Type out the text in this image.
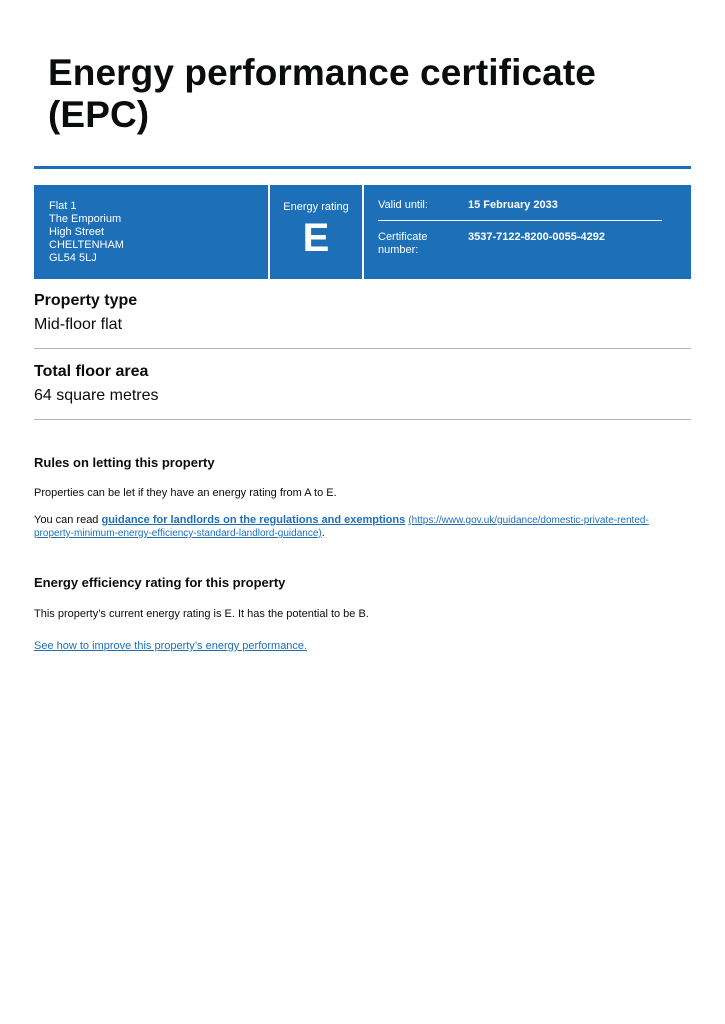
Energy performance certificate (EPC)
Flat 1
The Emporium
High Street
CHELTENHAM
GL54 5LJ
Energy rating
E
Valid until:	15 February 2033
Certificate number:
3537-7122-8200-0055-4292
Property type
Mid-floor flat
Total floor area
64 square metres
Rules on letting this property
Properties can be let if they have an energy rating from A to E.
You can read guidance for landlords on the regulations and exemptions (https://www.gov.uk/guidance/domestic-private-rented-property-minimum-energy-efficiency-standard-landlord-guidance).
Energy efficiency rating for this property
This property’s current energy rating is E. It has the potential to be B.
See how to improve this property’s energy performance.
